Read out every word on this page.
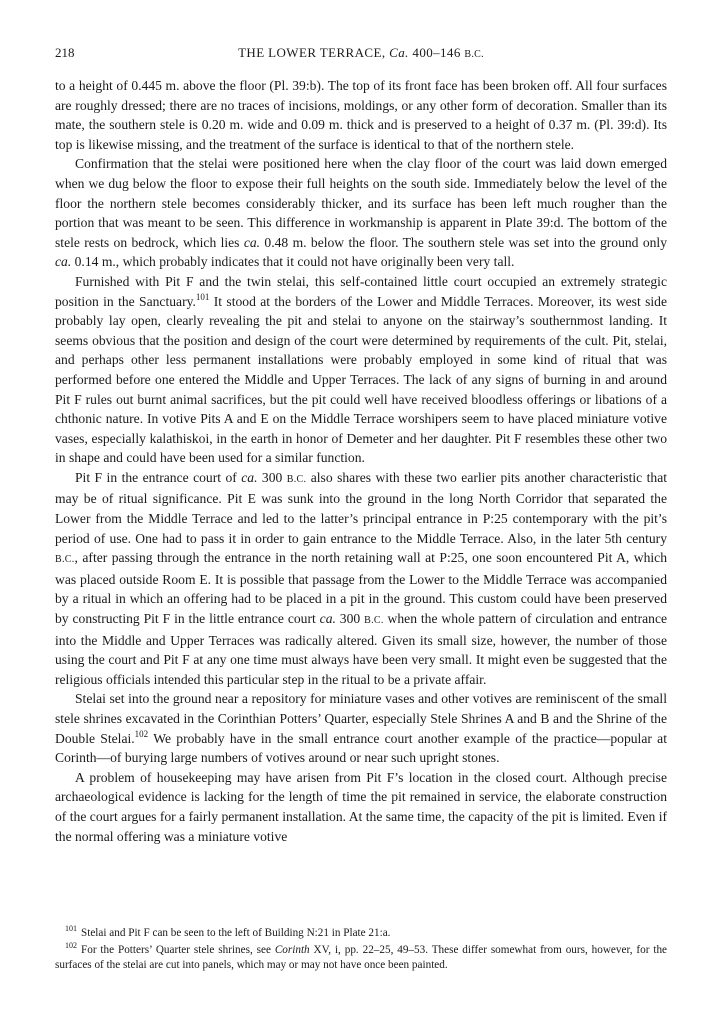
218	THE LOWER TERRACE, Ca. 400–146 B.C.

to a height of 0.445 m. above the floor (Pl. 39:b). The top of its front face has been broken off. All four surfaces are roughly dressed; there are no traces of incisions, moldings, or any other form of decoration. Smaller than its mate, the southern stele is 0.20 m. wide and 0.09 m. thick and is preserved to a height of 0.37 m. (Pl. 39:d). Its top is likewise missing, and the treatment of the surface is identical to that of the northern stele.

Confirmation that the stelai were positioned here when the clay floor of the court was laid down emerged when we dug below the floor to expose their full heights on the south side. Immediately below the level of the floor the northern stele becomes considerably thicker, and its surface has been left much rougher than the portion that was meant to be seen. This difference in workmanship is apparent in Plate 39:d. The bottom of the stele rests on bedrock, which lies ca. 0.48 m. below the floor. The southern stele was set into the ground only ca. 0.14 m., which probably indicates that it could not have originally been very tall.

Furnished with Pit F and the twin stelai, this self-contained little court occupied an extremely strategic position in the Sanctuary.$^{101}$ It stood at the borders of the Lower and Middle Terraces. Moreover, its west side probably lay open, clearly revealing the pit and stelai to anyone on the stairway’s southernmost landing. It seems obvious that the position and design of the court were determined by requirements of the cult. Pit, stelai, and perhaps other less permanent installations were probably employed in some kind of ritual that was performed before one entered the Middle and Upper Terraces. The lack of any signs of burning in and around Pit F rules out burnt animal sacrifices, but the pit could well have received bloodless offerings or libations of a chthonic nature. In votive Pits A and E on the Middle Terrace worshipers seem to have placed miniature votive vases, especially kalathiskoi, in the earth in honor of Demeter and her daughter. Pit F resembles these other two in shape and could have been used for a similar function.

Pit F in the entrance court of ca. 300 B.C. also shares with these two earlier pits another characteristic that may be of ritual significance. Pit E was sunk into the ground in the long North Corridor that separated the Lower from the Middle Terrace and led to the latter’s principal entrance in P:25 contemporary with the pit’s period of use. One had to pass it in order to gain entrance to the Middle Terrace. Also, in the later 5th century B.C., after passing through the entrance in the north retaining wall at P:25, one soon encountered Pit A, which was placed outside Room E. It is possible that passage from the Lower to the Middle Terrace was accompanied by a ritual in which an offering had to be placed in a pit in the ground. This custom could have been preserved by constructing Pit F in the little entrance court ca. 300 B.C. when the whole pattern of circulation and entrance into the Middle and Upper Terraces was radically altered. Given its small size, however, the number of those using the court and Pit F at any one time must always have been very small. It might even be suggested that the religious officials intended this particular step in the ritual to be a private affair.

Stelai set into the ground near a repository for miniature vases and other votives are reminiscent of the small stele shrines excavated in the Corinthian Potters’ Quarter, especially Stele Shrines A and B and the Shrine of the Double Stelai.$^{102}$ We probably have in the small entrance court another example of the practice—popular at Corinth—of burying large numbers of votives around or near such upright stones.

A problem of housekeeping may have arisen from Pit F’s location in the closed court. Although precise archaeological evidence is lacking for the length of time the pit remained in service, the elaborate construction of the court argues for a fairly permanent installation. At the same time, the capacity of the pit is limited. Even if the normal offering was a miniature votive

$^{101}$ Stelai and Pit F can be seen to the left of Building N:21 in Plate 21:a.

$^{102}$ For the Potters’ Quarter stele shrines, see Corinth XV, i, pp. 22–25, 49–53. These differ somewhat from ours, however, for the surfaces of the stelai are cut into panels, which may or may not have once been painted.
